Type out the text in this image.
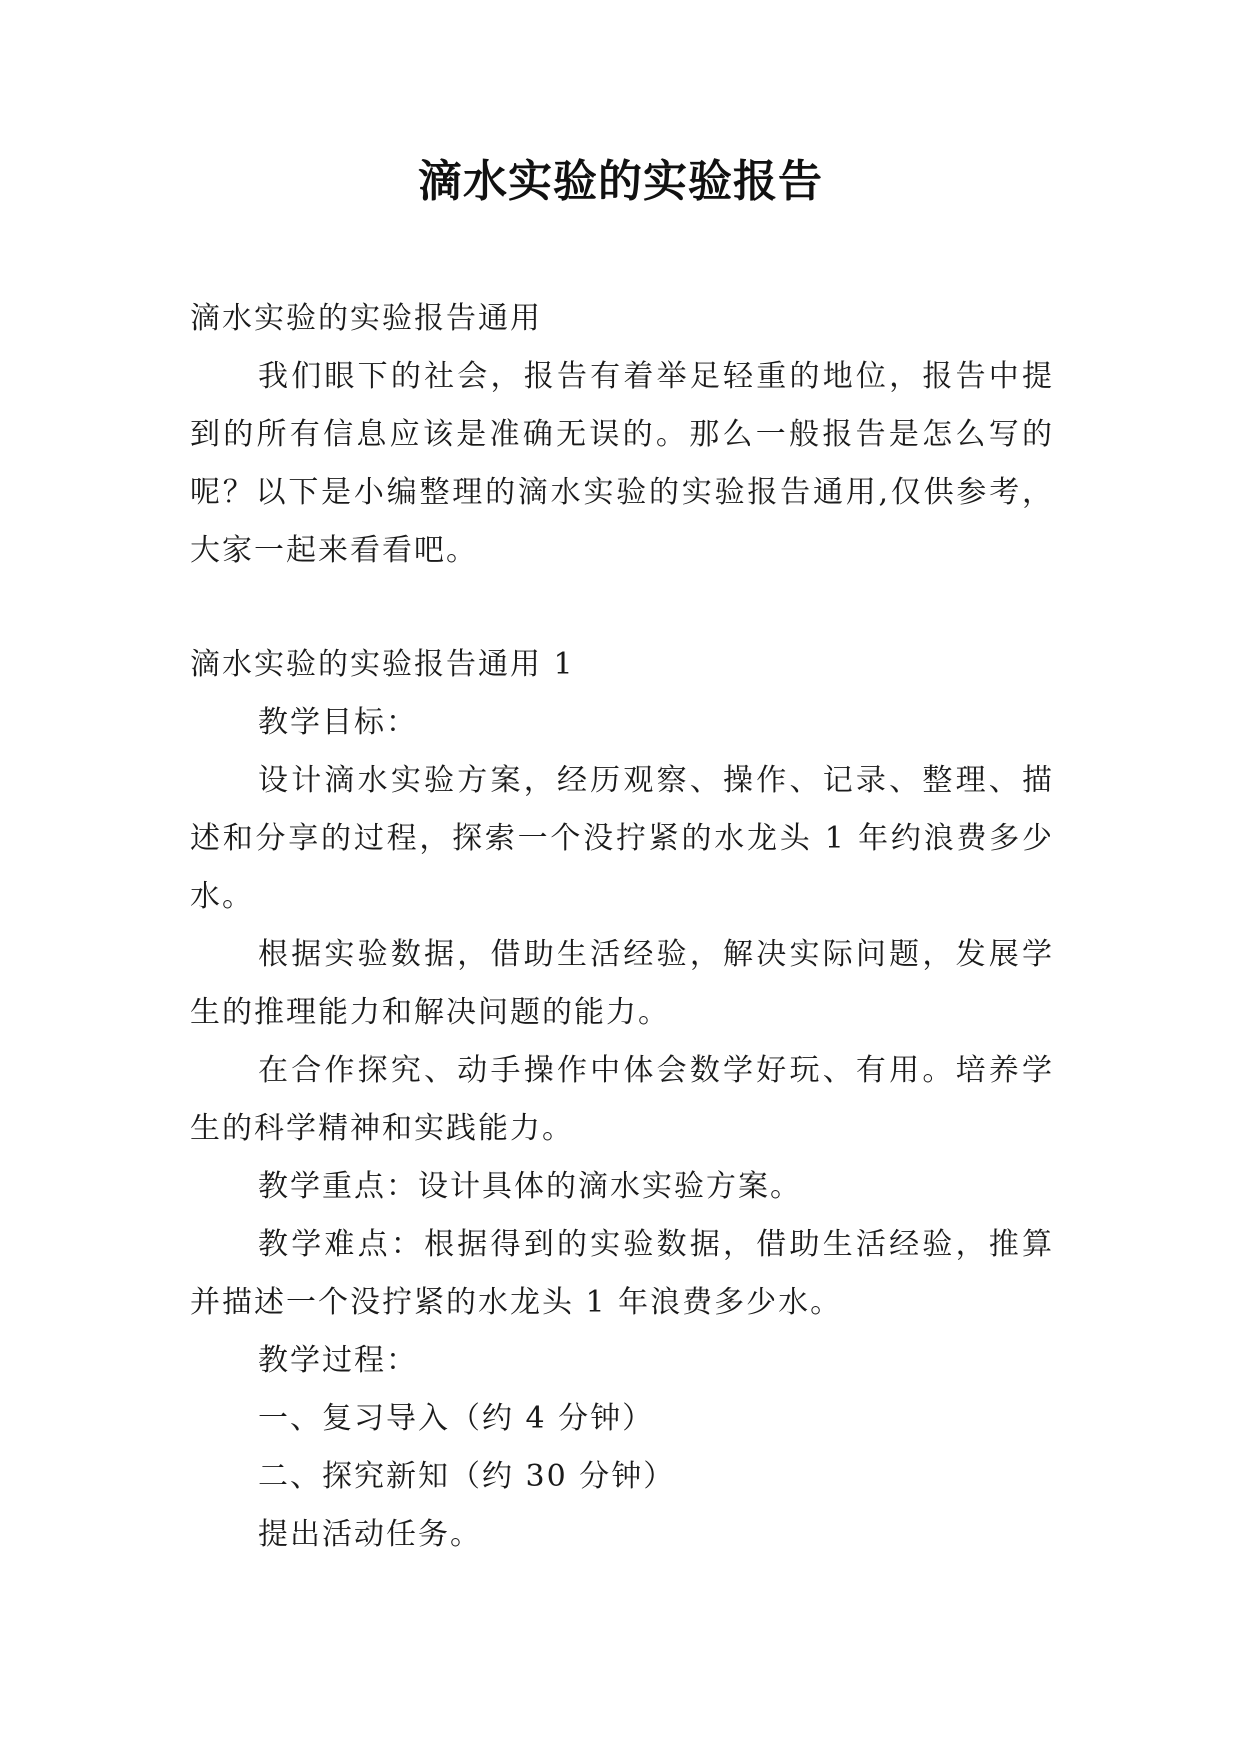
滴水实验的实验报告

滴水实验的实验报告通用

我们眼下的社会，报告有着举足轻重的地位，报告中提到的所有信息应该是准确无误的。那么一般报告是怎么写的呢？以下是小编整理的滴水实验的实验报告通用,仅供参考，大家一起来看看吧。

滴水实验的实验报告通用 1

教学目标：

设计滴水实验方案，经历观察、操作、记录、整理、描述和分享的过程，探索一个没拧紧的水龙头 1 年约浪费多少水。

根据实验数据，借助生活经验，解决实际问题，发展学生的推理能力和解决问题的能力。

在合作探究、动手操作中体会数学好玩、有用。培养学生的科学精神和实践能力。

教学重点：设计具体的滴水实验方案。

教学难点：根据得到的实验数据，借助生活经验，推算并描述一个没拧紧的水龙头 1 年浪费多少水。

教学过程：

一、复习导入（约 4 分钟）

二、探究新知（约 30 分钟）

提出活动任务。
